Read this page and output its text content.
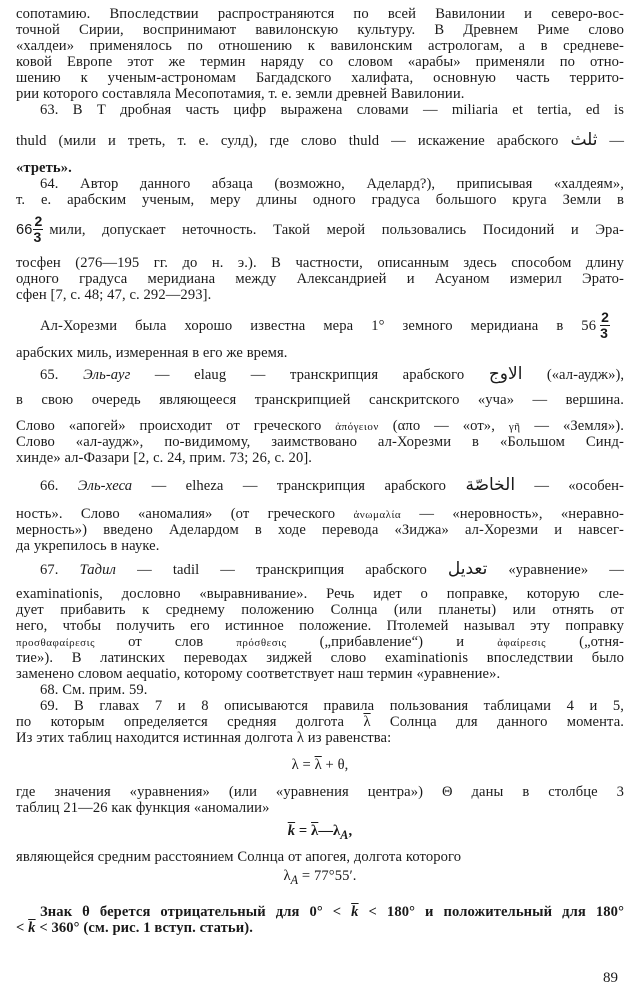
сопотамию. Впоследствии распространяются по всей Вавилонии и северо-вос-
точной Сирии, воспринимают вавилонскую культуру. В Древнем Риме слово
«халдеи» применялось по отношению к вавилонским астрологам, а в средневе-
ковой Европе этот же термин наряду со словом «арабы» применяли по отно-
шению к ученым-астрономам Багдадского халифата, основную часть террито-
рии которого составляла Месопотамия, т. е. земли древней Вавилонии.
63. В Т дробная часть цифр выражена словами — miliaria et tertia, ed is
thuld (мили и треть, т. е. сулд), где слово thuld — искажение арабского ثلث —
«треть».
64. Автор данного абзаца (возможно, Аделард?), приписывая «халдеям»,
т. е. арабским ученым, меру длины одного градуса большого круга Земли в
$66 \frac{2}{3}$ мили, допускает неточность. Такой мерой пользовались Посидоний и Эра-
тосфен (276—195 гг. до н. э.). В частности, описанным здесь способом длину
одного градуса меридиана между Александрией и Асуаном измерил Эрато-
сфен [7, с. 48; 47, с. 292—293].
Ал-Хорезми была хорошо известна мера 1° земного меридиана в $56 \frac{2}{3}$
арабских миль, измеренная в его же время.
65. Эль-ауг — elaug — транскрипция арабского الاوج («ал-аудж»),
в свою очередь являющееся транскрипцией санскритского «уча» — вершина.
Слово «апогей» происходит от греческого ἀπόγειον (απο — «от», γῆ — «Земля»).
Слово «ал-аудж», по-видимому, заимствовано ал-Хорезми в «Большом Синд-
хинде» ал-Фазари [2, с. 24, прим. 73; 26, с. 20].
66. Эль-хеса — elheza — транскрипция арабского الخاصّة — «особен-
ность». Слово «аномалия» (от греческого ἀνωμαλία — «неровность», «неравно-
мерность») введено Аделардом в ходе перевода «Зиджа» ал-Хорезми и навсег-
да укрепилось в науке.
67. Тадил — tadil — транскрипция арабского تعديل «уравнение» —
examinationis, дословно «выравнивание». Речь идет о поправке, которую сле-
дует прибавить к среднему положению Солнца (или планеты) или отнять от
него, чтобы получить его истинное положение. Птолемей называл эту поправку
προσθαφαίρεσις от слов	πρόσθεσις („прибавление“) и	ἀφαίρεσις („отня-
тие»). В латинских переводах зиджей слово examinationis впоследствии было
заменено словом aequatio, которому соответствует наш термин «уравнение».
68. См. прим. 59.
69. В главах 7 и 8 описываются правила пользования таблицами 4 и 5,
по которым определяется средняя долгота $\overline{\lambda}$ Солнца для данного момента.
Из этих таблиц находится истинная долгота λ из равенства:
$\lambda = \overline{\lambda} + \theta$,
где значения «уравнения» (или «уравнения центра») Θ даны в столбце 3
таблиц 21—26 как функция «аномалии»
$\overline{k}$ = $\overline{\lambda}—\lambda_A$,
являющейся средним расстоянием Солнца от апогея, долгота которого
$\lambda_A = 77^\circ 55'$.
Знак θ берется отрицательный для $0^\circ < \overline{k} < 180^\circ$ и положительный для 180°
< $\overline{k} < 360^\circ$ (см. рис. 1 вступ. статьи).
89
